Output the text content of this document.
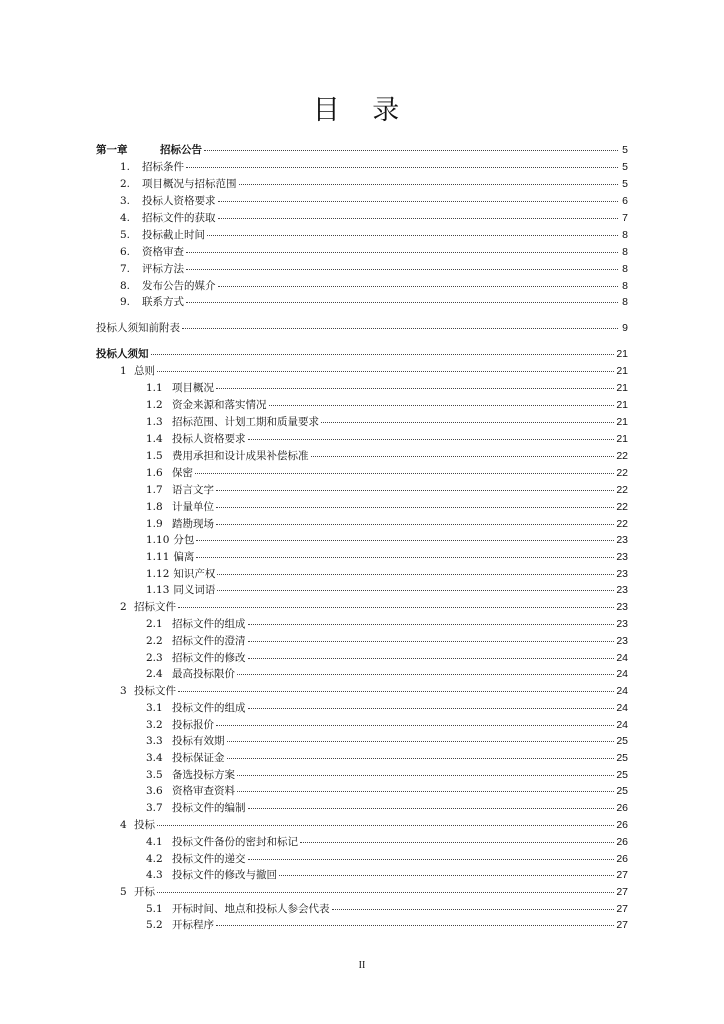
目 录
第一章	招标公告	5
1.	招标条件	5
2.	项目概况与招标范围	5
3.	投标人资格要求	6
4.	招标文件的获取	7
5.	投标截止时间	8
6.	资格审查	8
7.	评标方法	8
8.	发布公告的媒介	8
9.	联系方式	8
投标人须知前附表	9
投标人须知	21
1 总则	21
1.1 项目概况	21
1.2 资金来源和落实情况	21
1.3 招标范围、计划工期和质量要求	21
1.4 投标人资格要求	21
1.5 费用承担和设计成果补偿标准	22
1.6 保密	22
1.7 语言文字	22
1.8 计量单位	22
1.9 踏勘现场	22
1.10 分包	23
1.11 偏离	23
1.12 知识产权	23
1.13 同义词语	23
2 招标文件	23
2.1 招标文件的组成	23
2.2 招标文件的澄清	23
2.3 招标文件的修改	24
2.4 最高投标限价	24
3 投标文件	24
3.1 投标文件的组成	24
3.2 投标报价	24
3.3 投标有效期	25
3.4 投标保证金	25
3.5 备选投标方案	25
3.6 资格审查资料	25
3.7 投标文件的编制	26
4 投标	26
4.1 投标文件备份的密封和标记	26
4.2 投标文件的递交	26
4.3 投标文件的修改与撤回	27
5 开标	27
5.1 开标时间、地点和投标人参会代表	27
5.2 开标程序	27
II
